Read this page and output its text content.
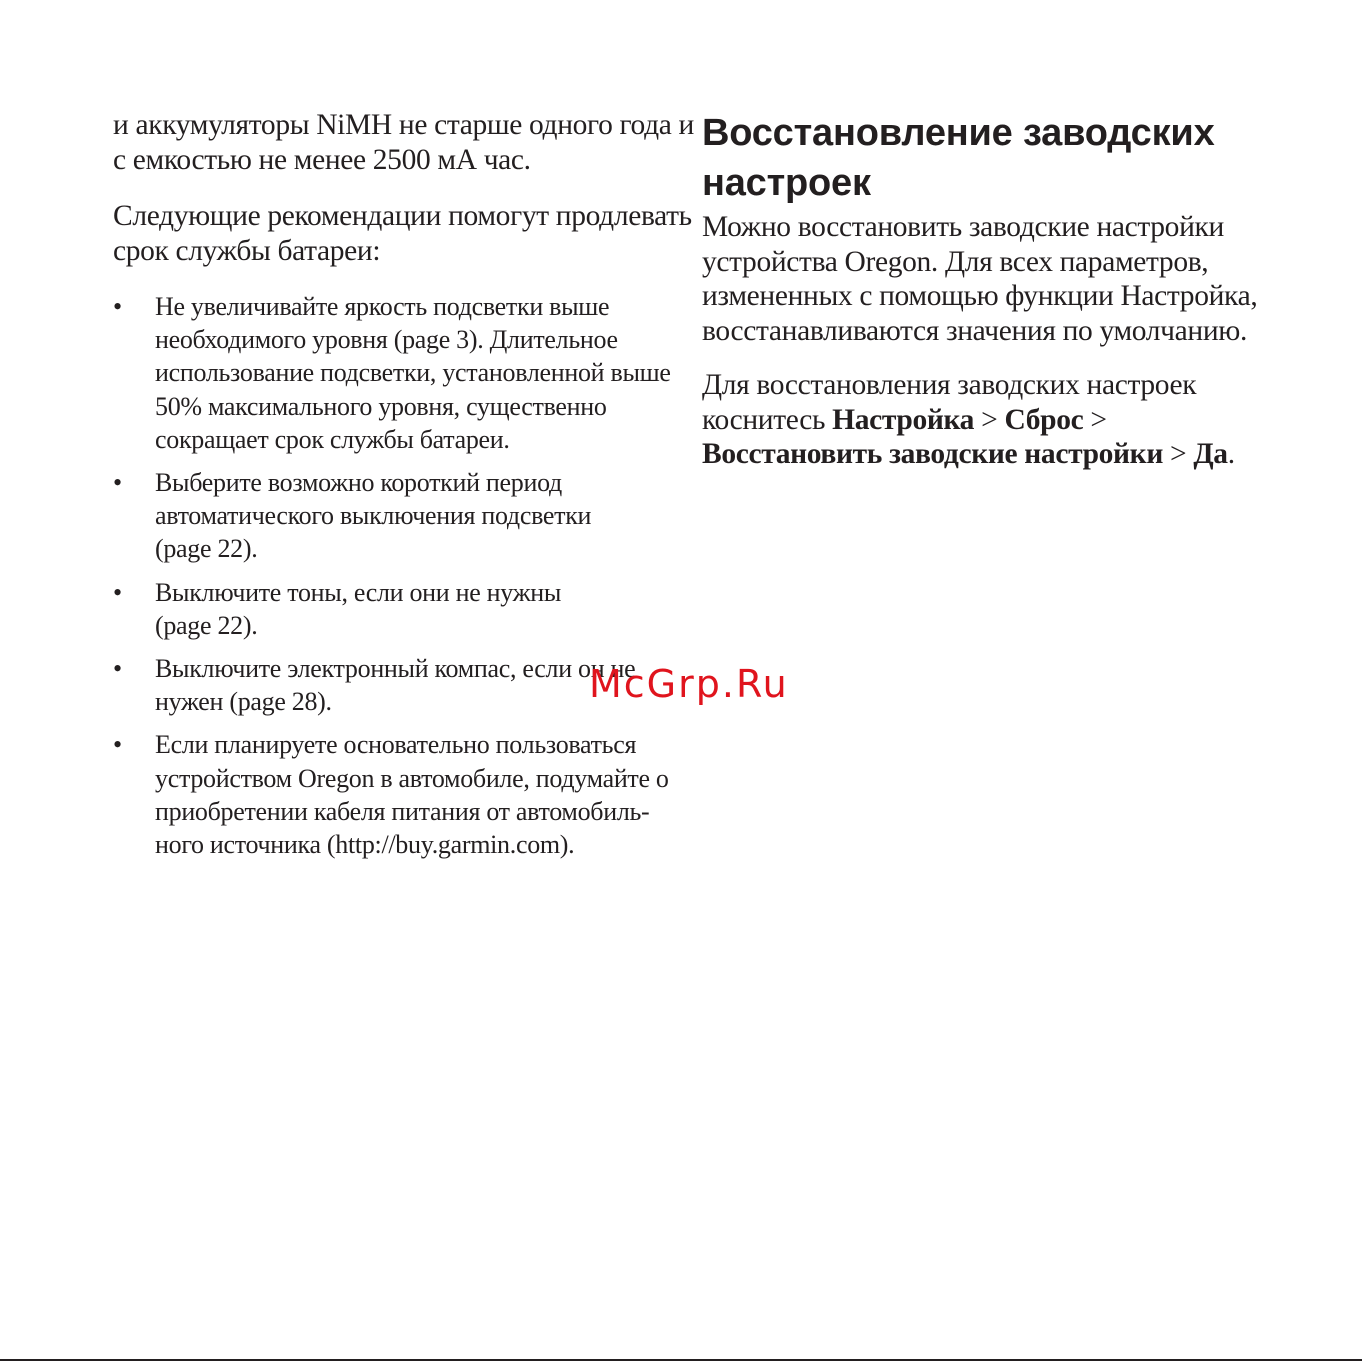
и аккумуляторы NiMH не старше одного года и
с емкостью не менее 2500 мА час.

Следующие рекомендации помогут продлевать
срок службы батареи:

• Не увеличивайте яркость подсветки выше
необходимого уровня (page 3). Длительное
использование подсветки, установленной выше
50% максимального уровня, существенно
сокращает срок службы батареи.
• Выберите возможно короткий период
автоматического выключения подсветки
(page 22).
• Выключите тоны, если они не нужны
(page 22).
• Выключите электронный компас, если он не
нужен (page 28).
• Если планируете основательно пользоваться
устройством Oregon в автомобиле, подумайте о
приобретении кабеля питания от автомобиль-
ного источника (http://buy.garmin.com).
Восстановление заводских
настроек

Можно восстановить заводские настройки
устройства Oregon. Для всех параметров,
измененных с помощью функции Настройка,
восстанавливаются значения по умолчанию.

Для восстановления заводских настроек
коснитесь Настройка > Сброс >
Восстановить заводские настройки > Да.

McGrp.Ru
